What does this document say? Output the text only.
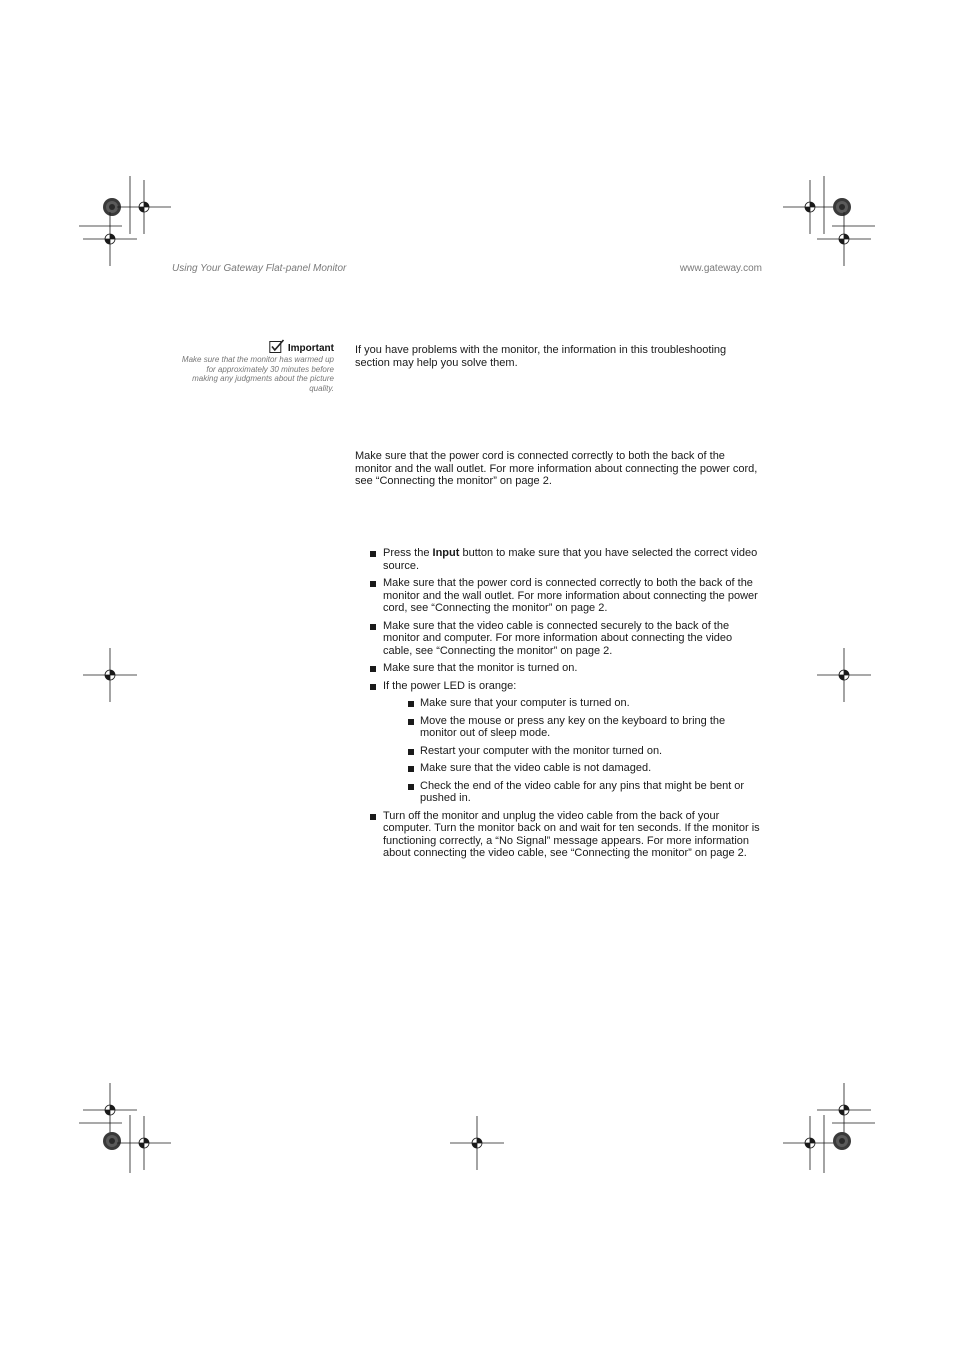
Using Your Gateway Flat-panel Monitor	www.gateway.com
Important
Make sure that the monitor has warmed up for approximately 30 minutes before making any judgments about the picture quality.
If you have problems with the monitor, the information in this troubleshooting section may help you solve them.
Make sure that the power cord is connected correctly to both the back of the monitor and the wall outlet. For more information about connecting the power cord, see “Connecting the monitor” on page 2.
Press the Input button to make sure that you have selected the correct video source.
Make sure that the power cord is connected correctly to both the back of the monitor and the wall outlet. For more information about connecting the power cord, see “Connecting the monitor” on page 2.
Make sure that the video cable is connected securely to the back of the monitor and computer. For more information about connecting the video cable, see “Connecting the monitor” on page 2.
Make sure that the monitor is turned on.
If the power LED is orange:
Make sure that your computer is turned on.
Move the mouse or press any key on the keyboard to bring the monitor out of sleep mode.
Restart your computer with the monitor turned on.
Make sure that the video cable is not damaged.
Check the end of the video cable for any pins that might be bent or pushed in.
Turn off the monitor and unplug the video cable from the back of your computer. Turn the monitor back on and wait for ten seconds. If the monitor is functioning correctly, a “No Signal” message appears. For more information about connecting the video cable, see “Connecting the monitor” on page 2.
